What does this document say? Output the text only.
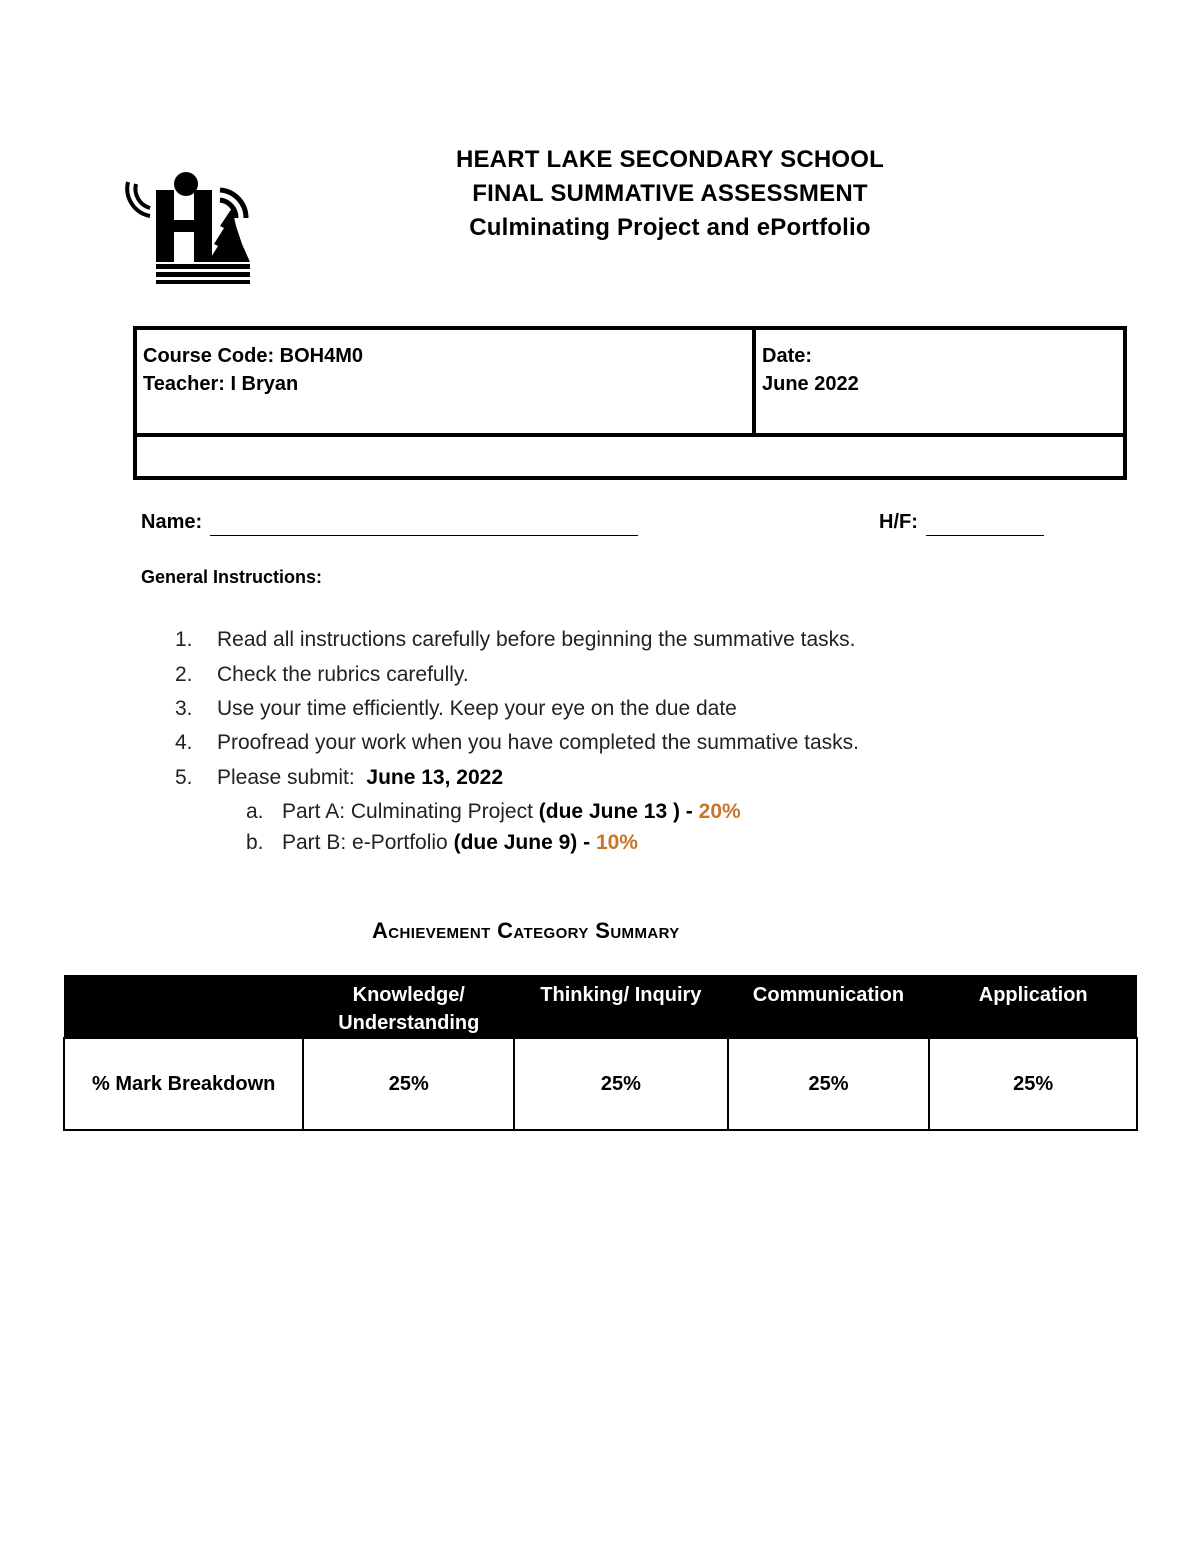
HEART LAKE SECONDARY SCHOOL
FINAL SUMMATIVE ASSESSMENT
Culminating Project and ePortfolio
Course Code: BOH4M0
Teacher: I Bryan
Date:
June 2022
Name:	H/F:
General Instructions:
1. Read all instructions carefully before beginning the summative tasks.
2. Check the rubrics carefully.
3. Use your time efficiently. Keep your eye on the due date
4. Proofread your work when you have completed the summative tasks.
5. Please submit: June 13, 2022
a. Part A: Culminating Project (due June 13 ) - 20%
b. Part B: e-Portfolio (due June 9) - 10%
Achievement Category Summary
	Knowledge/ Understanding	Thinking/ Inquiry	Communication	Application
% Mark Breakdown	25%	25%	25%	25%
